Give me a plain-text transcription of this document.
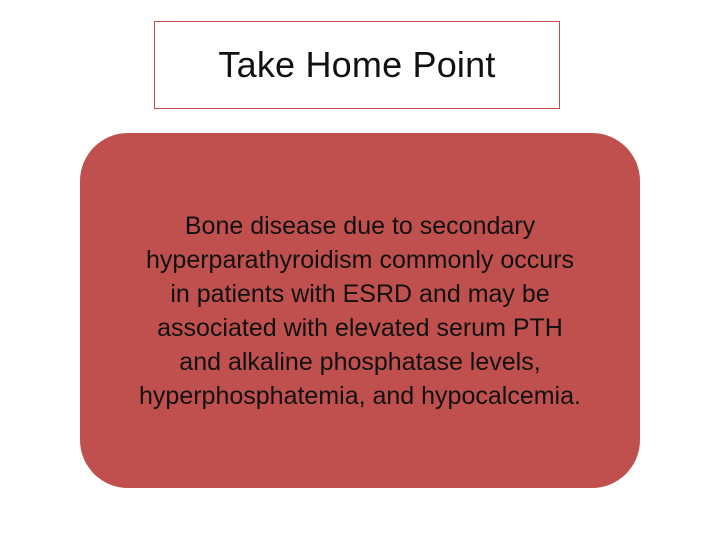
Take Home Point

Bone disease due to secondary
hyperparathyroidism commonly occurs
in patients with ESRD and may be
associated with elevated serum PTH
and alkaline phosphatase levels,
hyperphosphatemia, and hypocalcemia.
